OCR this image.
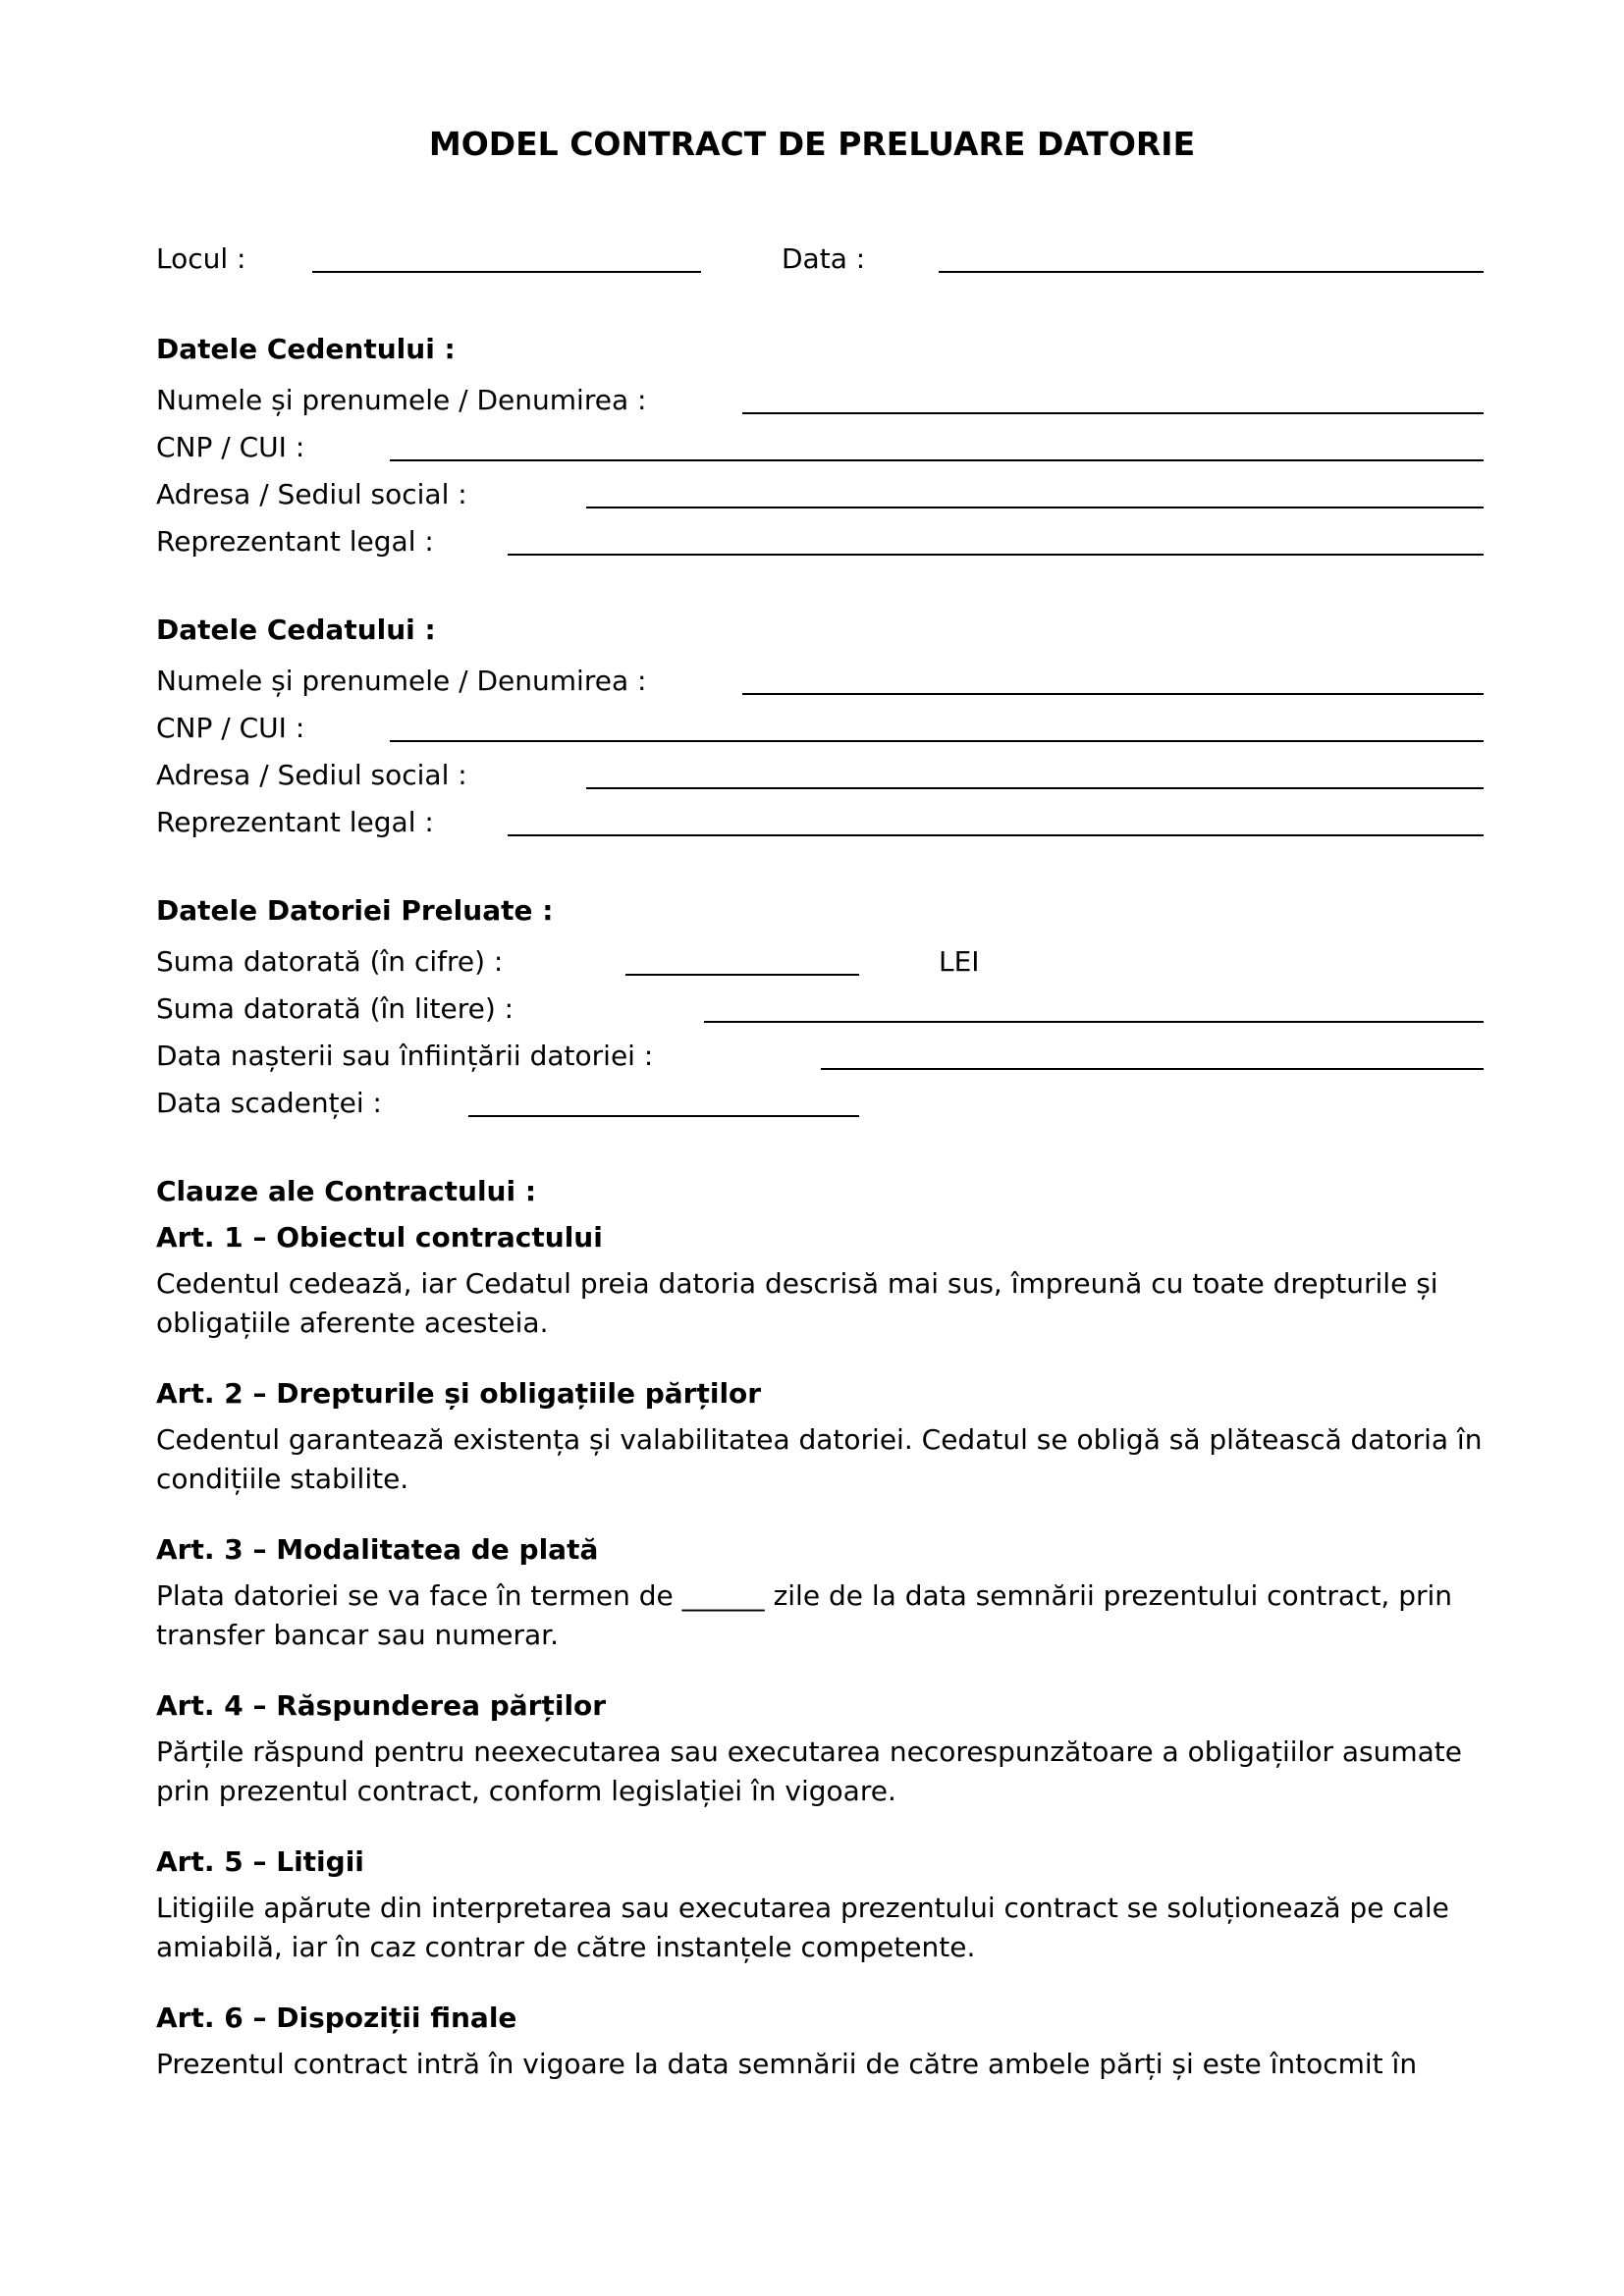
MODEL CONTRACT DE PRELUARE DATORIE
Locul :	Data :
Datele Cedentului :
Numele și prenumele / Denumirea :
CNP / CUI :
Adresa / Sediul social :
Reprezentant legal :
Datele Cedatului :
Numele și prenumele / Denumirea :
CNP / CUI :
Adresa / Sediul social :
Reprezentant legal :
Datele Datoriei Preluate :
Suma datorată (în cifre) :	LEI
Suma datorată (în litere) :
Data nașterii sau înființării datoriei :
Data scadenței :
Clauze ale Contractului :
Art. 1 – Obiectul contractului

Cedentul cedează, iar Cedatul preia datoria descrisă mai sus, împreună cu toate drepturile și obligațiile aferente acesteia.

Art. 2 – Drepturile și obligațiile părților

Cedentul garantează existența și valabilitatea datoriei. Cedatul se obligă să plătească datoria în condițiile stabilite.

Art. 3 – Modalitatea de plată

Plata datoriei se va face în termen de ______ zile de la data semnării prezentului contract, prin transfer bancar sau numerar.

Art. 4 – Răspunderea părților

Părțile răspund pentru neexecutarea sau executarea necorespunzătoare a obligațiilor asumate prin prezentul contract, conform legislației în vigoare.

Art. 5 – Litigii

Litigiile apărute din interpretarea sau executarea prezentului contract se soluționează pe cale amiabilă, iar în caz contrar de către instanțele competente.

Art. 6 – Dispoziții finale

Prezentul contract intră în vigoare la data semnării de către ambele părți și este întocmit în
